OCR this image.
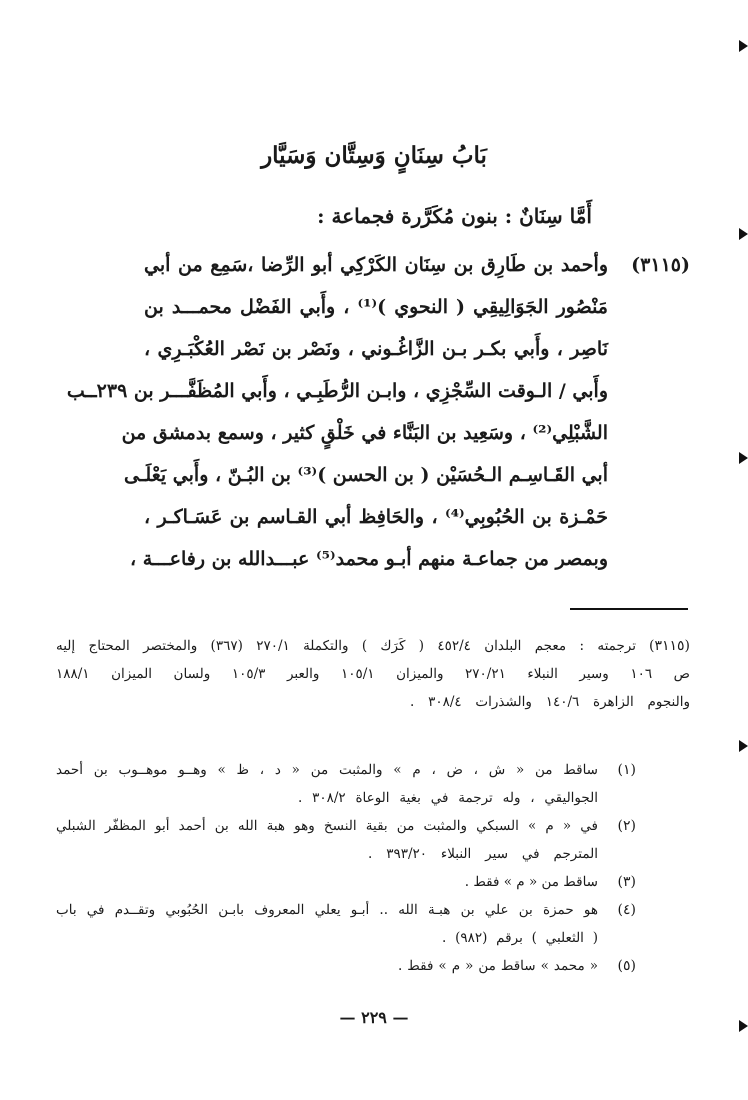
بَابُ سِنَانٍ وَسِتَّان وَسَيَّار
أَمَّا سِنَانٌ : بنون مُكَرَّرة فجماعة :
(٣١١٥)
وأحمد بن طَارِق بن سِنَان الكَرْكِي أبو الرِّضا ،سَمِع من أبي
مَنْصُور الجَوَالِيقِي ( النحوي )⁽¹⁾ ، وأَبي الفَضْل محمـــد بن
نَاصِر ، وأَبي بكـر بـن الزَّاغُـوني ، ونَصْر بن نَصْر العُكْبَـرِي ،
وأَبي / الـوقت السِّجْزِي ، وابـن الرُّطَبِـي ، وأَبي المُظَفَّـــر بن ٢٣٩ــب
الشَّبْلِي⁽²⁾ ، وسَعِيد بن البَنَّاء في خَلْقٍ كثير ، وسمع بدمشق من
أبي القَـاسِـم الـحُسَيْن ( بن الحسن )⁽³⁾ بن البُـنّ ، وأَبي يَعْلَـى
حَمْـزة بن الحُبُوبِي⁽⁴⁾ ، والحَافِظ أبي القـاسم بن عَسَـاكـر ،
وبمصر من جماعـة منهم أبـو محمد⁽⁵⁾ عبـــدالله بن رفاعـــة ،
(٣١١٥)
ترجمته : معجم البلدان ٤٥٢/٤ ( كَرَك ) والتكملة ٢٧٠/١ (٣٦٧) والمختصر المحتاج إليه
ص ١٠٦ وسير النبلاء ٢٧٠/٢١ والميزان ١٠٥/١ والعبر ١٠٥/٣ ولسان الميزان ١٨٨/١
والنجوم الزاهرة ١٤٠/٦ والشذرات ٣٠٨/٤ .
(١)
ساقط من « ش ، ض ، م » والمثبت من « د ، ظ » وهــو موهــوب بن أحمد
الجواليقي ، وله ترجمة في بغية الوعاة ٣٠٨/٢ .
(٢)
في « م » السبكي والمثبت من بقية النسخ وهو هبة الله بن أحمد أبو المظفّر الشبلي
المترجم في سير النبلاء ٣٩٣/٢٠ .
(٣)
ساقط من « م » فقط .
(٤)
هو حمزة بن علي بن هبـة الله .. أبـو يعلي المعروف بابـن الحُبُوبي وتقــدم في باب
( الثعلبي ) برقم (٩٨٢) .
(٥)
« محمد » ساقط من « م » فقط .
— ٢٢٩ —
